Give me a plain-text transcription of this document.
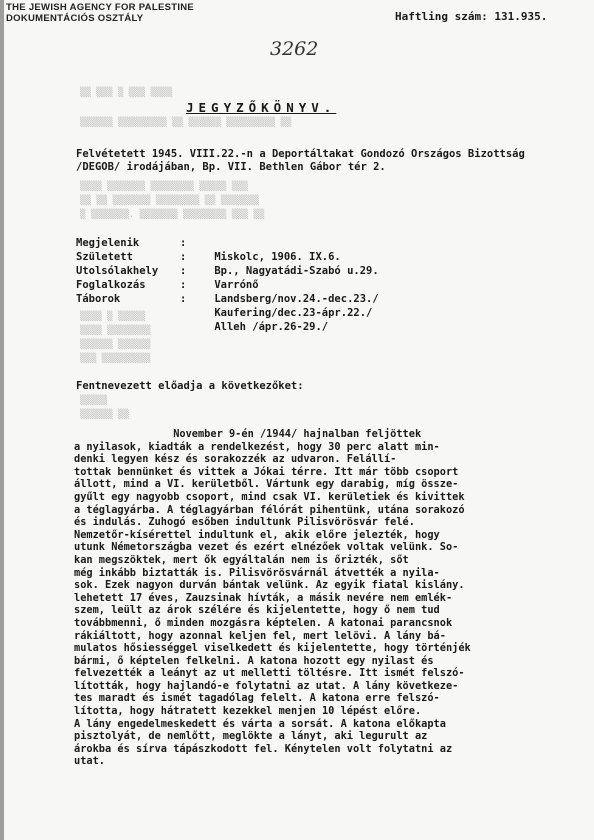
THE JEWISH AGENCY FOR PALESTINE
DOKUMENTÁCIÓS OSZTÁLY	Haftling szám: 131.935.
3262
▒▒ ▒▒▒ ▒ ▒▒▒ ▒▒▒▒
▒▒▒▒▒▒ ▒▒▒▒▒▒▒▒▒ ▒▒ ▒▒▒▒▒▒ ▒▒▒▒▒▒▒▒▒ ▒▒
▒▒▒▒ ▒▒▒▒▒▒▒ ▒▒▒▒▒▒▒▒ ▒▒▒▒▒ ▒▒▒
▒▒ ▒▒ ▒▒▒▒▒▒▒ ▒▒▒▒▒▒▒▒ ▒▒ ▒▒▒▒▒▒▒
▒ ▒▒▒▒▒▒▒. ▒▒▒▒▒▒▒ ▒▒▒▒▒▒▒▒ ▒▒▒ ▒▒
▒▒▒▒ ▒ ▒▒▒▒▒
▒▒▒▒ ▒▒▒▒▒▒▒▒
▒▒▒▒▒▒ ▒▒▒▒▒▒
▒▒▒ ▒▒▒▒▒▒▒▒▒
▒▒▒▒▒
▒▒▒▒▒▒ ▒▒
JEGYZŐKÖNYV.
Felvétetett 1945. VIII.22.-n a Deportáltakat Gondozó Országos Bizottság /DEGOB/ irodájában, Bp. VII. Bethlen Gábor tér 2.
Megjelenik	:
Született	:	Miskolc, 1906. IX.6.
Utolsólakhely	:	Bp., Nagyatádi-Szabó u.29.
Foglalkozás	:	Varrónő
Táborok	:	Landsberg/nov.24.-dec.23./
Kaufering/dec.23-ápr.22./
Alleh /ápr.26-29./
Fentnevezett előadja a következőket:
November 9-én /1944/ hajnalban feljöttek
a nyilasok, kiadták a rendelkezést, hogy 30 perc alatt min-
denki legyen kész és sorakozzék az udvaron. Felállí-
tottak bennünket és vittek a Jókai térre. Itt már több csoport
állott, mind a VI. kerületből. Vártunk egy darabig, míg össze-
gyűlt egy nagyobb csoport, mind csak VI. kerületiek és kivittek
a téglagyárba. A téglagyárban félórát pihentünk, utána sorakozó
és indulás. Zuhogó esőben indultunk Pilisvörösvár felé.
Nemzetőr-kísérettel indultunk el, akik előre jelezték, hogy
utunk Németországba vezet és ezért elnézőek voltak velünk. So-
kan megszöktek, mert ők egyáltalán nem is őrizték, sőt
még inkább biztatták is. Pilisvörösvárnál átvették a nyila-
sok. Ezek nagyon durván bántak velünk. Az egyik fiatal kislány.
lehetett 17 éves, Zauzsinak hívták, a másik nevére nem emlék-
szem, leült az árok szélére és kijelentette, hogy ő nem tud
továbbmenni, ő minden mozgásra képtelen. A katonai parancsnok
rákiáltott, hogy azonnal keljen fel, mert lelövi. A lány bá-
mulatos hősiességgel viselkedett és kijelentette, hogy történjék
bármi, ő képtelen felkelni. A katona hozott egy nyilast és
felvezették a leányt az ut melletti töltésre. Itt ismét felszó-
lították, hogy hajlandó-e folytatni az utat. A lány következe-
tes maradt és ismét tagadólag felelt. A katona erre felszó-
lította, hogy hátratett kezekkel menjen 10 lépést előre.
A lány engedelmeskedett és várta a sorsát. A katona előkapta
pisztolyát, de nemlőtt, meglökte a lányt, aki legurult az
árokba és sírva tápászkodott fel. Kénytelen volt folytatni az
utat.
